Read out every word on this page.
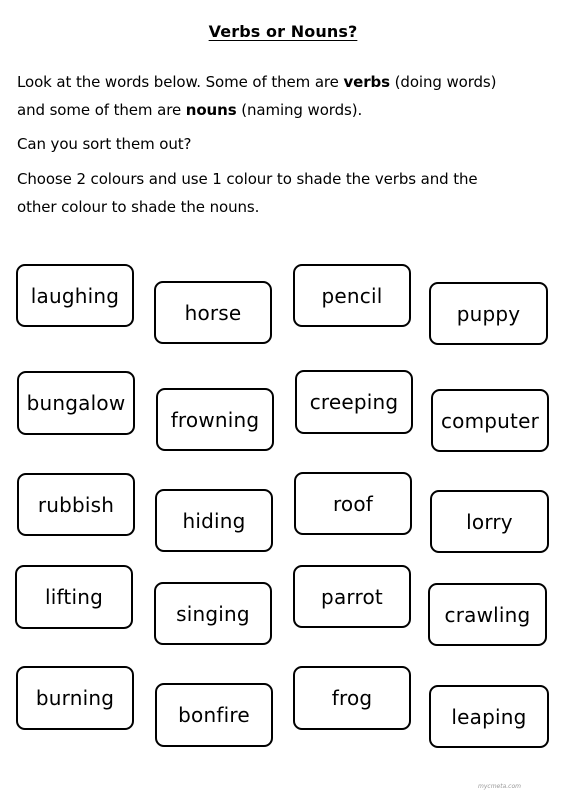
Verbs or Nouns?
Look at the words below. Some of them are verbs (doing words)
and some of them are nouns (naming words).
Can you sort them out?
Choose 2 colours and use 1 colour to shade the verbs and the
other colour to shade the nouns.
laughing
horse
pencil
puppy
bungalow
frowning
creeping
computer
rubbish
hiding
roof
lorry
lifting
singing
parrot
crawling
burning
bonfire
frog
leaping
mycmeta.com
